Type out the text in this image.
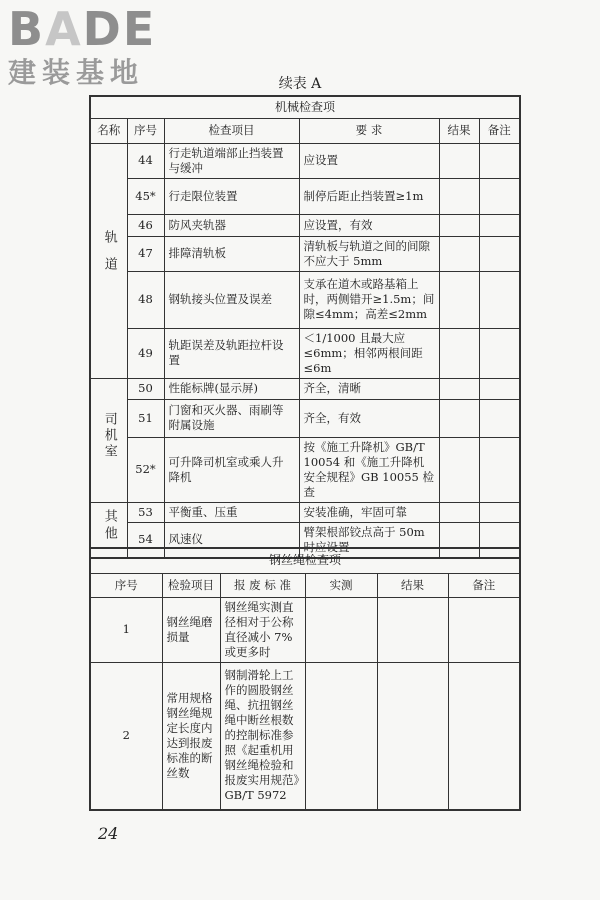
BADE
建装基地	续表 A
机械检查项					
名称	序号	检查项目	要 求	结果	备注
轨道	44	行走轨道端部止挡装置与缓冲	应设置		
	45*	行走限位装置	制停后距止挡装置≥1m		
	46	防风夹轨器	应设置，有效		
	47	排障清轨板	清轨板与轨道之间的间隙不应大于 5mm		
	48	钢轨接头位置及误差	支承在道木或路基箱上时，两侧错开≥1.5m；间隙≤4mm；高差≤2mm		
	49	轨距误差及轨距拉杆设置	＜1/1000 且最大应≤6mm；相邻两根间距≤6m		
司机室	50	性能标牌(显示屏)	齐全，清晰		
	51	门窗和灭火器、雨刷等附属设施	齐全，有效		
	52*	可升降司机室或乘人升降机	按《施工升降机》GB/T 10054 和《施工升降机安全规程》GB 10055 检查		
其他	53	平衡重、压重	安装准确，牢固可靠		
	54	风速仪	臂架根部铰点高于 50m 时应设置		
钢丝绳检查项					
序号	检验项目	报 废 标 准	实测	结果	备注
1	钢丝绳磨损量	钢丝绳实测直径相对于公称直径减小 7%或更多时			
2	常用规格钢丝绳规定长度内达到报废标准的断丝数	钢制滑轮上工作的圆股钢丝绳、抗扭钢丝绳中断丝根数的控制标准参照《起重机用钢丝绳检验和报废实用规范》GB/T 5972			
24
